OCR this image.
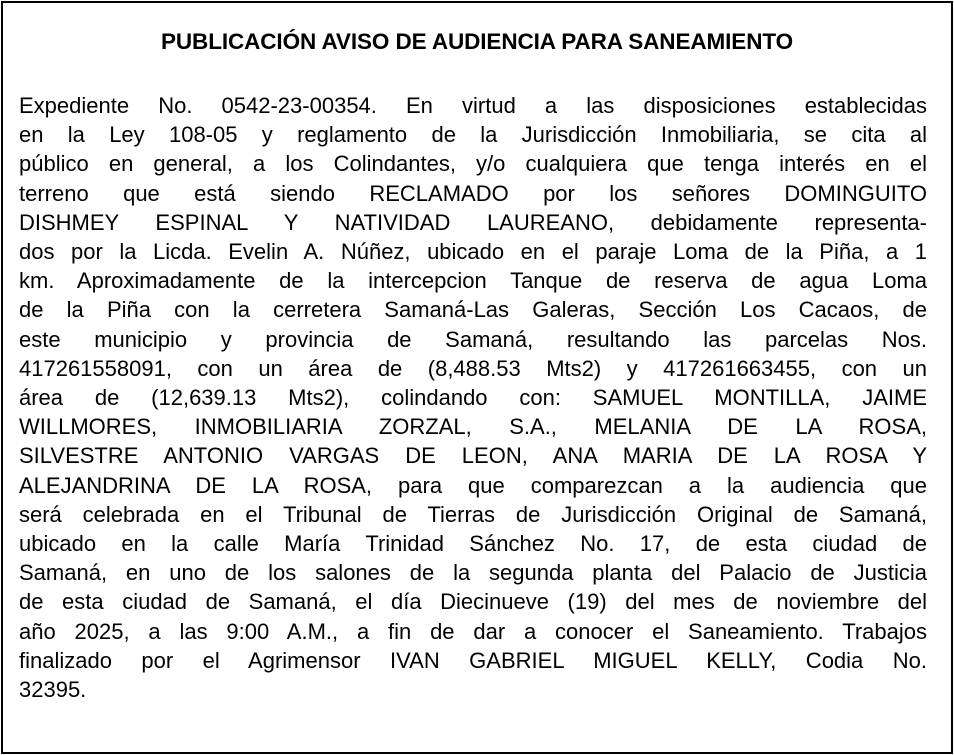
PUBLICACIÓN AVISO DE AUDIENCIA PARA SANEAMIENTO
Expediente No. 0542-23-00354. En virtud a las disposiciones establecidas
en la Ley 108-05 y reglamento de la Jurisdicción Inmobiliaria, se cita al
público en general, a los Colindantes, y/o cualquiera que tenga interés en el
terreno que está siendo RECLAMADO por los señores DOMINGUITO
DISHMEY ESPINAL Y NATIVIDAD LAUREANO, debidamente representa-
dos por la Licda. Evelin A. Núñez, ubicado en el paraje Loma de la Piña, a 1
km. Aproximadamente de la intercepcion Tanque de reserva de agua Loma
de la Piña con la cerretera Samaná-Las Galeras, Sección Los Cacaos, de
este municipio y provincia de Samaná, resultando las parcelas Nos.
417261558091, con un área de (8,488.53 Mts2) y 417261663455, con un
área de (12,639.13 Mts2), colindando con: SAMUEL MONTILLA, JAIME
WILLMORES, INMOBILIARIA ZORZAL, S.A., MELANIA DE LA ROSA,
SILVESTRE ANTONIO VARGAS DE LEON, ANA MARIA DE LA ROSA Y
ALEJANDRINA DE LA ROSA, para que comparezcan a la audiencia que
será celebrada en el Tribunal de Tierras de Jurisdicción Original de Samaná,
ubicado en la calle María Trinidad Sánchez No. 17, de esta ciudad de
Samaná, en uno de los salones de la segunda planta del Palacio de Justicia
de esta ciudad de Samaná, el día Diecinueve (19) del mes de noviembre del
año 2025, a las 9:00 A.M., a fin de dar a conocer el Saneamiento. Trabajos
finalizado por el Agrimensor IVAN GABRIEL MIGUEL KELLY, Codia No.
32395.
